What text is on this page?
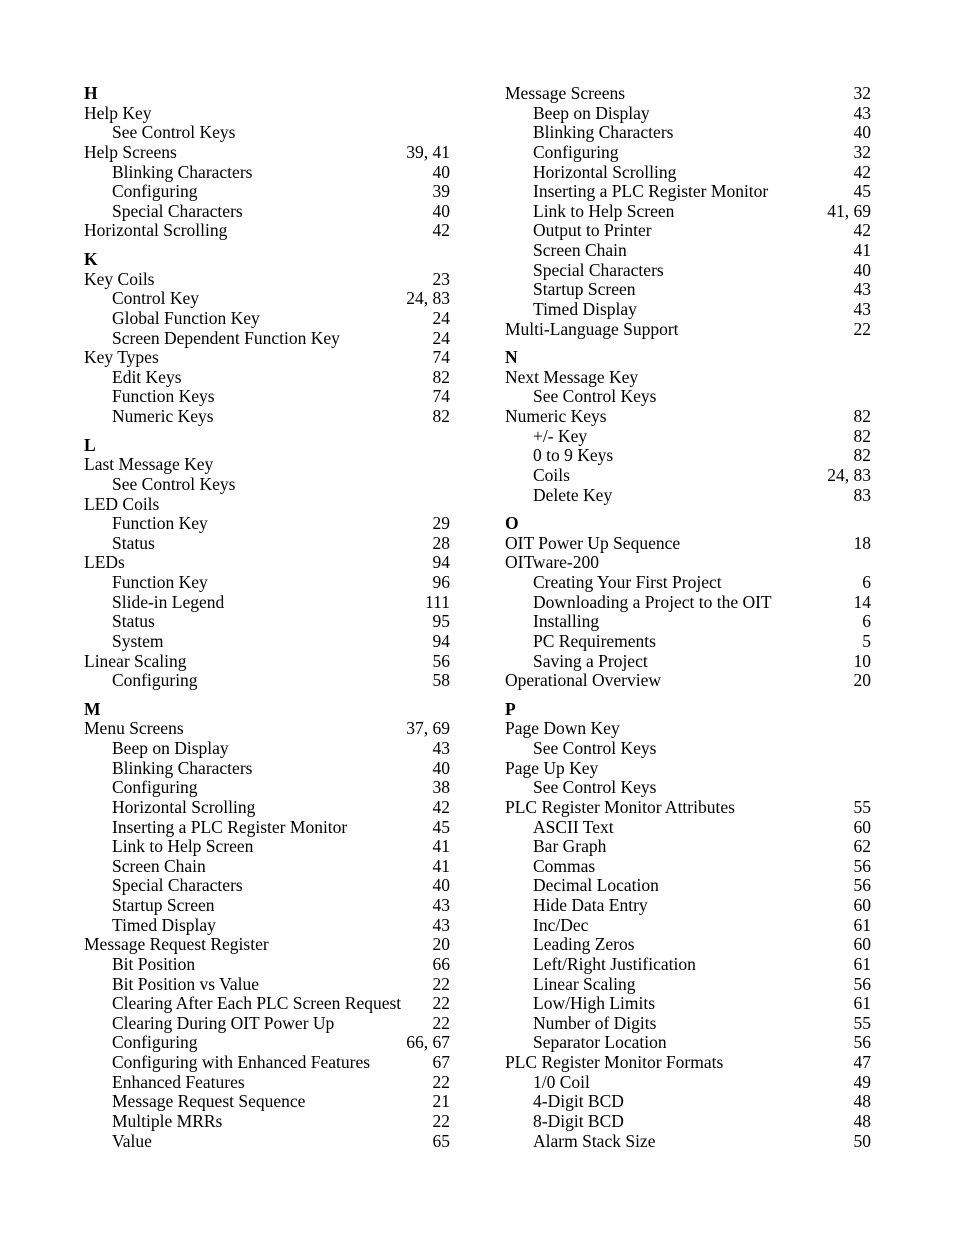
H
Help Key
See Control Keys
Help Screens	39, 41
Blinking Characters	40
Configuring	39
Special Characters	40
Horizontal Scrolling	42
K
Key Coils	23
Control Key	24, 83
Global Function Key	24
Screen Dependent Function Key	24
Key Types	74
Edit Keys	82
Function Keys	74
Numeric Keys	82
L
Last Message Key
See Control Keys
LED Coils
Function Key	29
Status	28
LEDs	94
Function Key	96
Slide-in Legend	111
Status	95
System	94
Linear Scaling	56
Configuring	58
M
Menu Screens	37, 69
Beep on Display	43
Blinking Characters	40
Configuring	38
Horizontal Scrolling	42
Inserting a PLC Register Monitor	45
Link to Help Screen	41
Screen Chain	41
Special Characters	40
Startup Screen	43
Timed Display	43
Message Request Register	20
Bit Position	66
Bit Position vs Value	22
Clearing After Each PLC Screen Request 22
Clearing During OIT Power Up	22
Configuring	66, 67
Configuring with Enhanced Features	67
Enhanced Features	22
Message Request Sequence	21
Multiple MRRs	22
Value	65
Message Screens	32
Beep on Display	43
Blinking Characters	40
Configuring	32
Horizontal Scrolling	42
Inserting a PLC Register Monitor	45
Link to Help Screen	41, 69
Output to Printer	42
Screen Chain	41
Special Characters	40
Startup Screen	43
Timed Display	43
Multi-Language Support	22
N
Next Message Key
See Control Keys
Numeric Keys	82
+/- Key	82
0 to 9 Keys	82
Coils	24, 83
Delete Key	83
O
OIT Power Up Sequence	18
OITware-200
Creating Your First Project	6
Downloading a Project to the OIT	14
Installing	6
PC Requirements	5
Saving a Project	10
Operational Overview	20
P
Page Down Key
See Control Keys
Page Up Key
See Control Keys
PLC Register Monitor Attributes	55
ASCII Text	60
Bar Graph	62
Commas	56
Decimal Location	56
Hide Data Entry	60
Inc/Dec	61
Leading Zeros	60
Left/Right Justification	61
Linear Scaling	56
Low/High Limits	61
Number of Digits	55
Separator Location	56
PLC Register Monitor Formats	47
1/0 Coil	49
4-Digit BCD	48
8-Digit BCD	48
Alarm Stack Size	50
